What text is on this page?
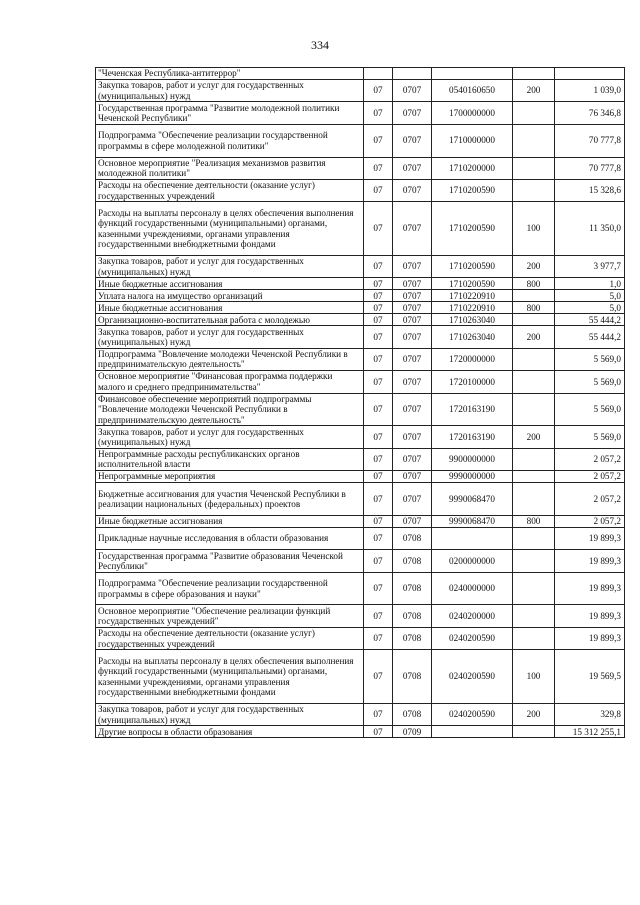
334
"Чеченская Республика-антитеррор"					
Закупка товаров, работ и услуг для государственных (муниципальных) нужд	07	0707	0540160650	200	1 039,0
Государственная программа "Развитие молодежной политики Чеченской Республики"	07	0707	1700000000		76 346,8
Подпрограмма "Обеспечение реализации государственной программы в сфере молодежной политики"	07	0707	1710000000		70 777,8
Основное мероприятие "Реализация механизмов развития молодежной политики"	07	0707	1710200000		70 777,8
Расходы на обеспечение деятельности (оказание услуг) государственных учреждений	07	0707	1710200590		15 328,6
Расходы на выплаты персоналу в целях обеспечения выполнения функций государственными (муниципальными) органами, казенными учреждениями, органами управления государственными внебюджетными фондами	07	0707	1710200590	100	11 350,0
Закупка товаров, работ и услуг для государственных (муниципальных) нужд	07	0707	1710200590	200	3 977,7
Иные бюджетные ассигнования	07	0707	1710200590	800	1,0
Уплата налога на имущество организаций	07	0707	1710220910		5,0
Иные бюджетные ассигнования	07	0707	1710220910	800	5,0
Организационно-воспитательная работа с молодежью	07	0707	1710263040		55 444,2
Закупка товаров, работ и услуг для государственных (муниципальных) нужд	07	0707	1710263040	200	55 444,2
Подпрограмма "Вовлечение молодежи Чеченской Республики в предпринимательскую деятельность"	07	0707	1720000000		5 569,0
Основное мероприятие "Финансовая программа поддержки малого и среднего предпринимательства"	07	0707	1720100000		5 569,0
Финансовое обеспечение мероприятий подпрограммы "Вовлечение молодежи Чеченской Республики в предпринимательскую деятельность"	07	0707	1720163190		5 569,0
Закупка товаров, работ и услуг для государственных (муниципальных) нужд	07	0707	1720163190	200	5 569,0
Непрограммные расходы республиканских органов исполнительной власти	07	0707	9900000000		2 057,2
Непрограммные мероприятия	07	0707	9990000000		2 057,2
Бюджетные ассигнования для участия Чеченской Республики в реализации национальных (федеральных) проектов	07	0707	9990068470		2 057,2
Иные бюджетные ассигнования	07	0707	9990068470	800	2 057,2
Прикладные научные исследования в области образования	07	0708			19 899,3
Государственная программа "Развитие образования Чеченской Республики"	07	0708	0200000000		19 899,3
Подпрограмма "Обеспечение реализации государственной программы в сфере образования и науки"	07	0708	0240000000		19 899,3
Основное мероприятие "Обеспечение реализации функций государственных учреждений"	07	0708	0240200000		19 899,3
Расходы на обеспечение деятельности (оказание услуг) государственных учреждений	07	0708	0240200590		19 899,3
Расходы на выплаты персоналу в целях обеспечения выполнения функций государственными (муниципальными) органами, казенными учреждениями, органами управления государственными внебюджетными фондами	07	0708	0240200590	100	19 569,5
Закупка товаров, работ и услуг для государственных (муниципальных) нужд	07	0708	0240200590	200	329,8
Другие вопросы в области образования	07	0709			15 312 255,1
